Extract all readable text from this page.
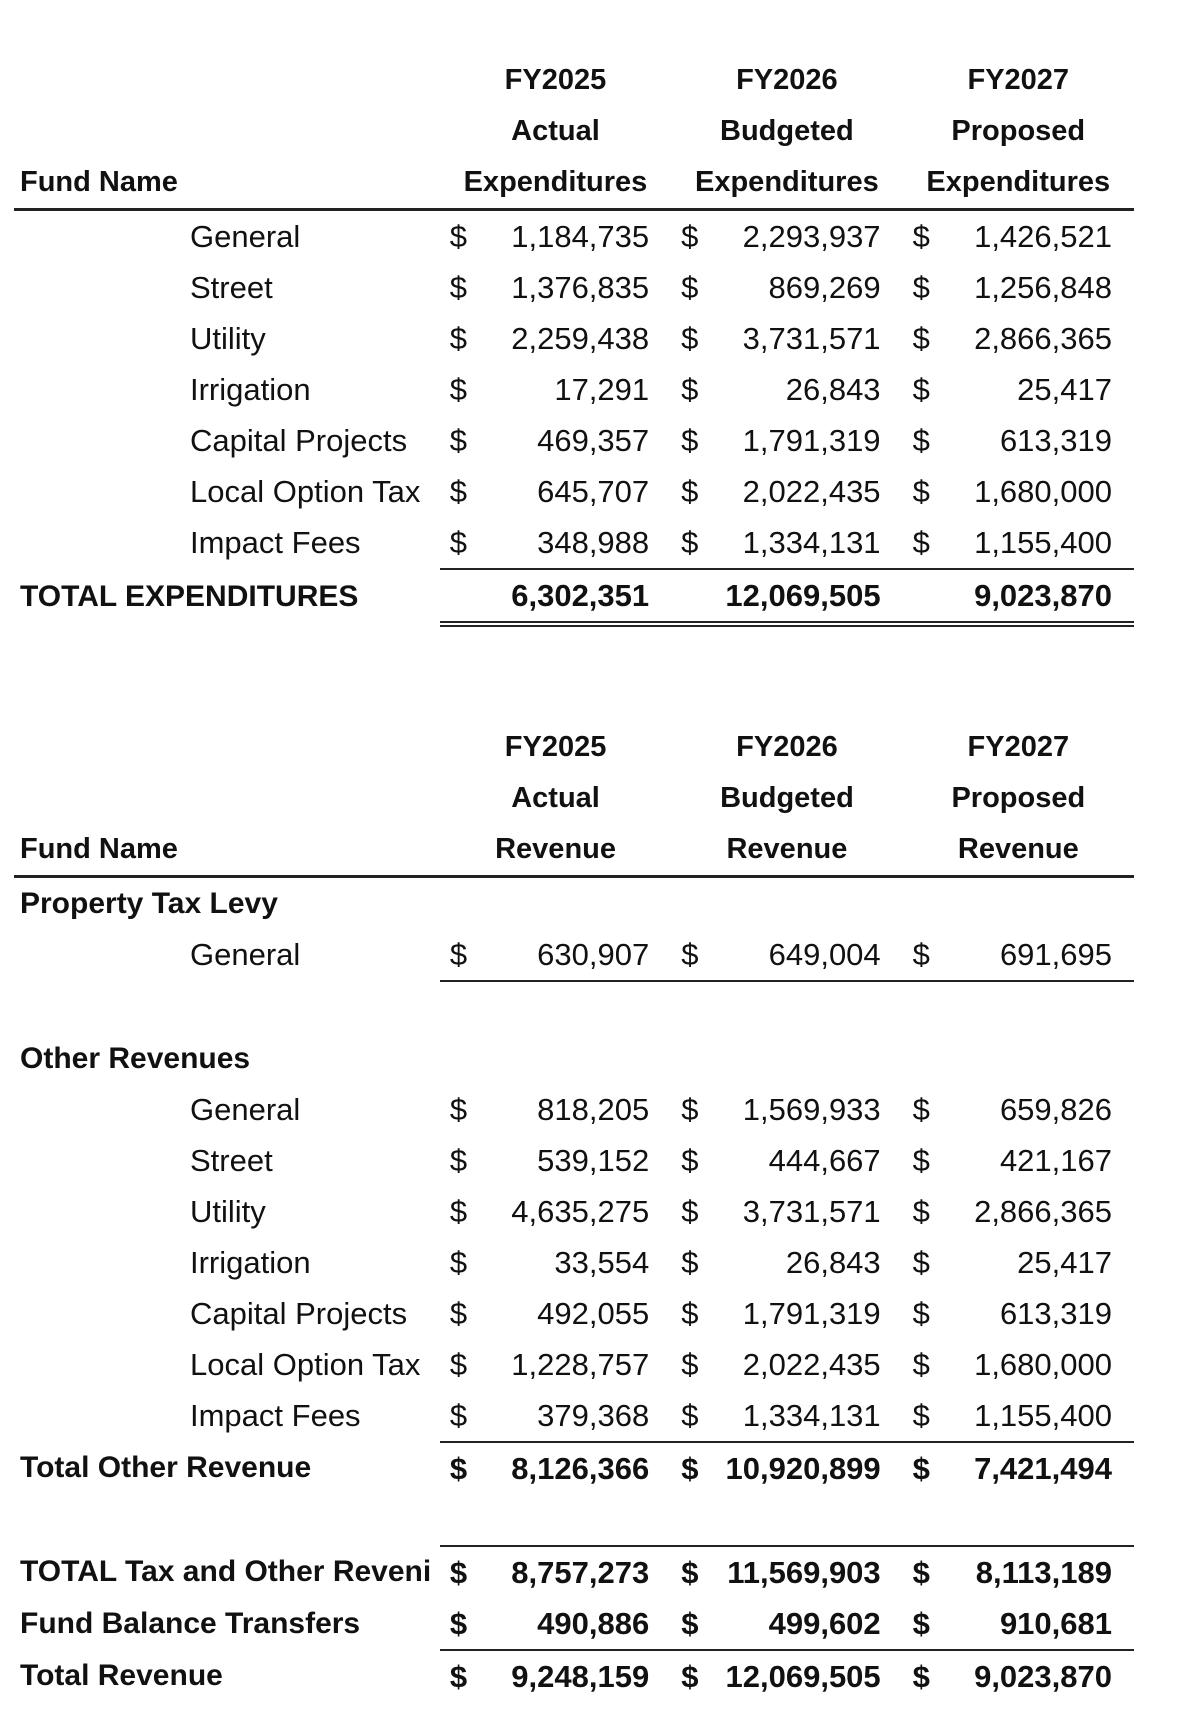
	FY2025	FY2026	FY2027
	Actual	Budgeted	Proposed
Fund Name	Expenditures	Expenditures	Expenditures
General	$ 1,184,735	$ 2,293,937	$ 1,426,521

Street	$ 1,376,835	$ 869,269	$ 1,256,848

Utility	$ 2,259,438	$ 3,731,571	$ 2,866,365

Irrigation	$ 17,291	$ 26,843	$ 25,417

Capital Projects	$ 469,357	$ 1,791,319	$ 613,319

Local Option Tax	$ 645,707	$ 2,022,435	$ 1,680,000

Impact Fees	$ 348,988	$ 1,334,131	$ 1,155,400

TOTAL EXPENDITURES	6,302,351	12,069,505	9,023,870
	FY2025	FY2026	FY2027
	Actual	Budgeted	Proposed
Fund Name	Revenue	Revenue	Revenue
Property Tax Levy			
General	$ 630,907	$ 649,004	$ 691,695

Other Revenues			
General	$ 818,205	$ 1,569,933	$ 659,826

Street	$ 539,152	$ 444,667	$ 421,167

Utility	$ 4,635,275	$ 3,731,571	$ 2,866,365

Irrigation	$ 33,554	$ 26,843	$ 25,417

Capital Projects	$ 492,055	$ 1,791,319	$ 613,319

Local Option Tax	$ 1,228,757	$ 2,022,435	$ 1,680,000

Impact Fees	$ 379,368	$ 1,334,131	$ 1,155,400

Total Other Revenue	$ 8,126,366	$ 10,920,899	$ 7,421,494

TOTAL Tax and Other Reveni	$ 8,757,273	$ 11,569,903	$ 8,113,189

Fund Balance Transfers	$ 490,886	$ 499,602	$ 910,681

Total Revenue	$ 9,248,159	$ 12,069,505	$ 9,023,870
